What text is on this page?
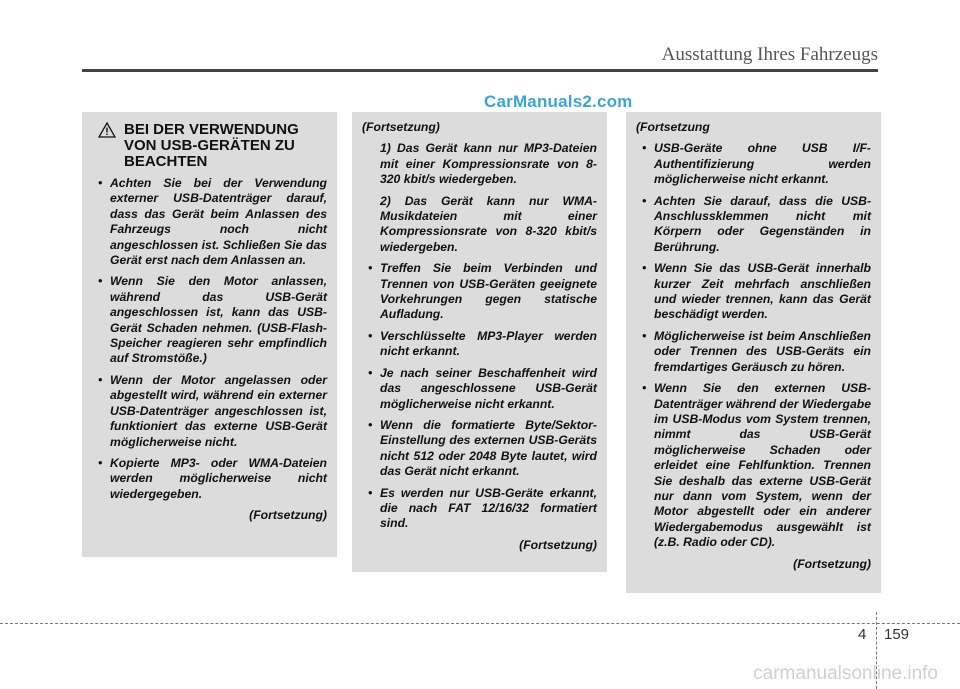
Ausstattung Ihres Fahrzeugs
CarManuals2.com
BEI DER VERWENDUNG VON USB-GERÄTEN ZU BEACHTEN
• Achten Sie bei der Verwendung externer USB-Datenträger darauf, dass das Gerät beim Anlassen des Fahrzeugs noch nicht angeschlossen ist. Schließen Sie das Gerät erst nach dem Anlassen an.
• Wenn Sie den Motor anlassen, während das USB-Gerät angeschlossen ist, kann das USB-Gerät Schaden nehmen. (USB-Flash-Speicher reagieren sehr empfindlich auf Stromstöße.)
• Wenn der Motor angelassen oder abgestellt wird, während ein externer USB-Datenträger angeschlossen ist, funktioniert das externe USB-Gerät möglicherweise nicht.
• Kopierte MP3- oder WMA-Dateien werden möglicherweise nicht wiedergegeben.
(Fortsetzung)
(Fortsetzung)
1) Das Gerät kann nur MP3-Dateien mit einer Kompressionsrate von 8-320 kbit/s wiedergeben.
2) Das Gerät kann nur WMA-Musikdateien mit einer Kompressionsrate von 8-320 kbit/s wiedergeben.
• Treffen Sie beim Verbinden und Trennen von USB-Geräten geeignete Vorkehrungen gegen statische Aufladung.
• Verschlüsselte MP3-Player werden nicht erkannt.
• Je nach seiner Beschaffenheit wird das angeschlossene USB-Gerät möglicherweise nicht erkannt.
• Wenn die formatierte Byte/Sektor-Einstellung des externen USB-Geräts nicht 512 oder 2048 Byte lautet, wird das Gerät nicht erkannt.
• Es werden nur USB-Geräte erkannt, die nach FAT 12/16/32 formatiert sind.
(Fortsetzung)
(Fortsetzung
• USB-Geräte ohne USB I/F-Authentifizierung werden möglicherweise nicht erkannt.
• Achten Sie darauf, dass die USB-Anschlussklemmen nicht mit Körpern oder Gegenständen in Berührung.
• Wenn Sie das USB-Gerät innerhalb kurzer Zeit mehrfach anschließen und wieder trennen, kann das Gerät beschädigt werden.
• Möglicherweise ist beim Anschließen oder Trennen des USB-Geräts ein fremdartiges Geräusch zu hören.
• Wenn Sie den externen USB-Datenträger während der Wiedergabe im USB-Modus vom System trennen, nimmt das USB-Gerät möglicherweise Schaden oder erleidet eine Fehlfunktion. Trennen Sie deshalb das externe USB-Gerät nur dann vom System, wenn der Motor abgestellt oder ein anderer Wiedergabemodus ausgewählt ist (z.B. Radio oder CD).
(Fortsetzung)
4 159
carmanualsonline.info
